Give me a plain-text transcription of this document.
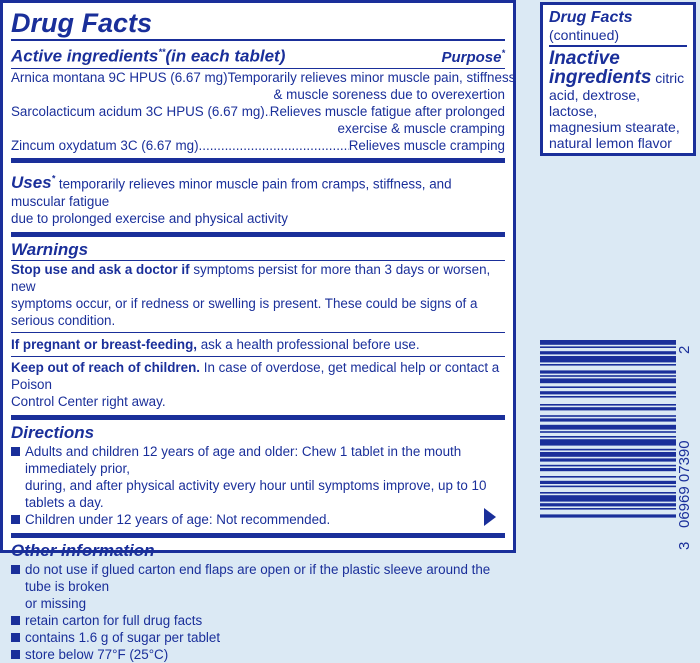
Drug Facts
Active ingredients**(in each tablet)	Purpose*
Arnica montana 9C HPUS (6.67 mg) Temporarily relieves minor muscle pain, stiffness
& muscle soreness due to overexertion
Sarcolacticum acidum 3C HPUS (6.67 mg) ..... Relieves muscle fatigue after prolonged
exercise & muscle cramping
Zincum oxydatum 3C (6.67 mg) .....	Relieves muscle cramping
Uses* temporarily relieves minor muscle pain from cramps, stiffness, and muscular fatigue
due to prolonged exercise and physical activity
Warnings
Stop use and ask a doctor if symptoms persist for more than 3 days or worsen, new
symptoms occur, or if redness or swelling is present. These could be signs of a serious condition.
If pregnant or breast-feeding, ask a health professional before use.
Keep out of reach of children. In case of overdose, get medical help or contact a Poison
Control Center right away.
Directions
Adults and children 12 years of age and older: Chew 1 tablet in the mouth immediately prior,
during, and after physical activity every hour until symptoms improve, up to 10 tablets a day.
Children under 12 years of age: Not recommended.
Other information
do not use if glued carton end flaps are open or if the plastic sleeve around the tube is broken
or missing
retain carton for full drug facts
contains 1.6 g of sugar per tablet
store below 77°F (25°C)
Drug Facts
(continued)
Inactive
ingredients citric
acid, dextrose, lactose,
magnesium stearate,
natural lemon flavor
3
06969 07390
2
